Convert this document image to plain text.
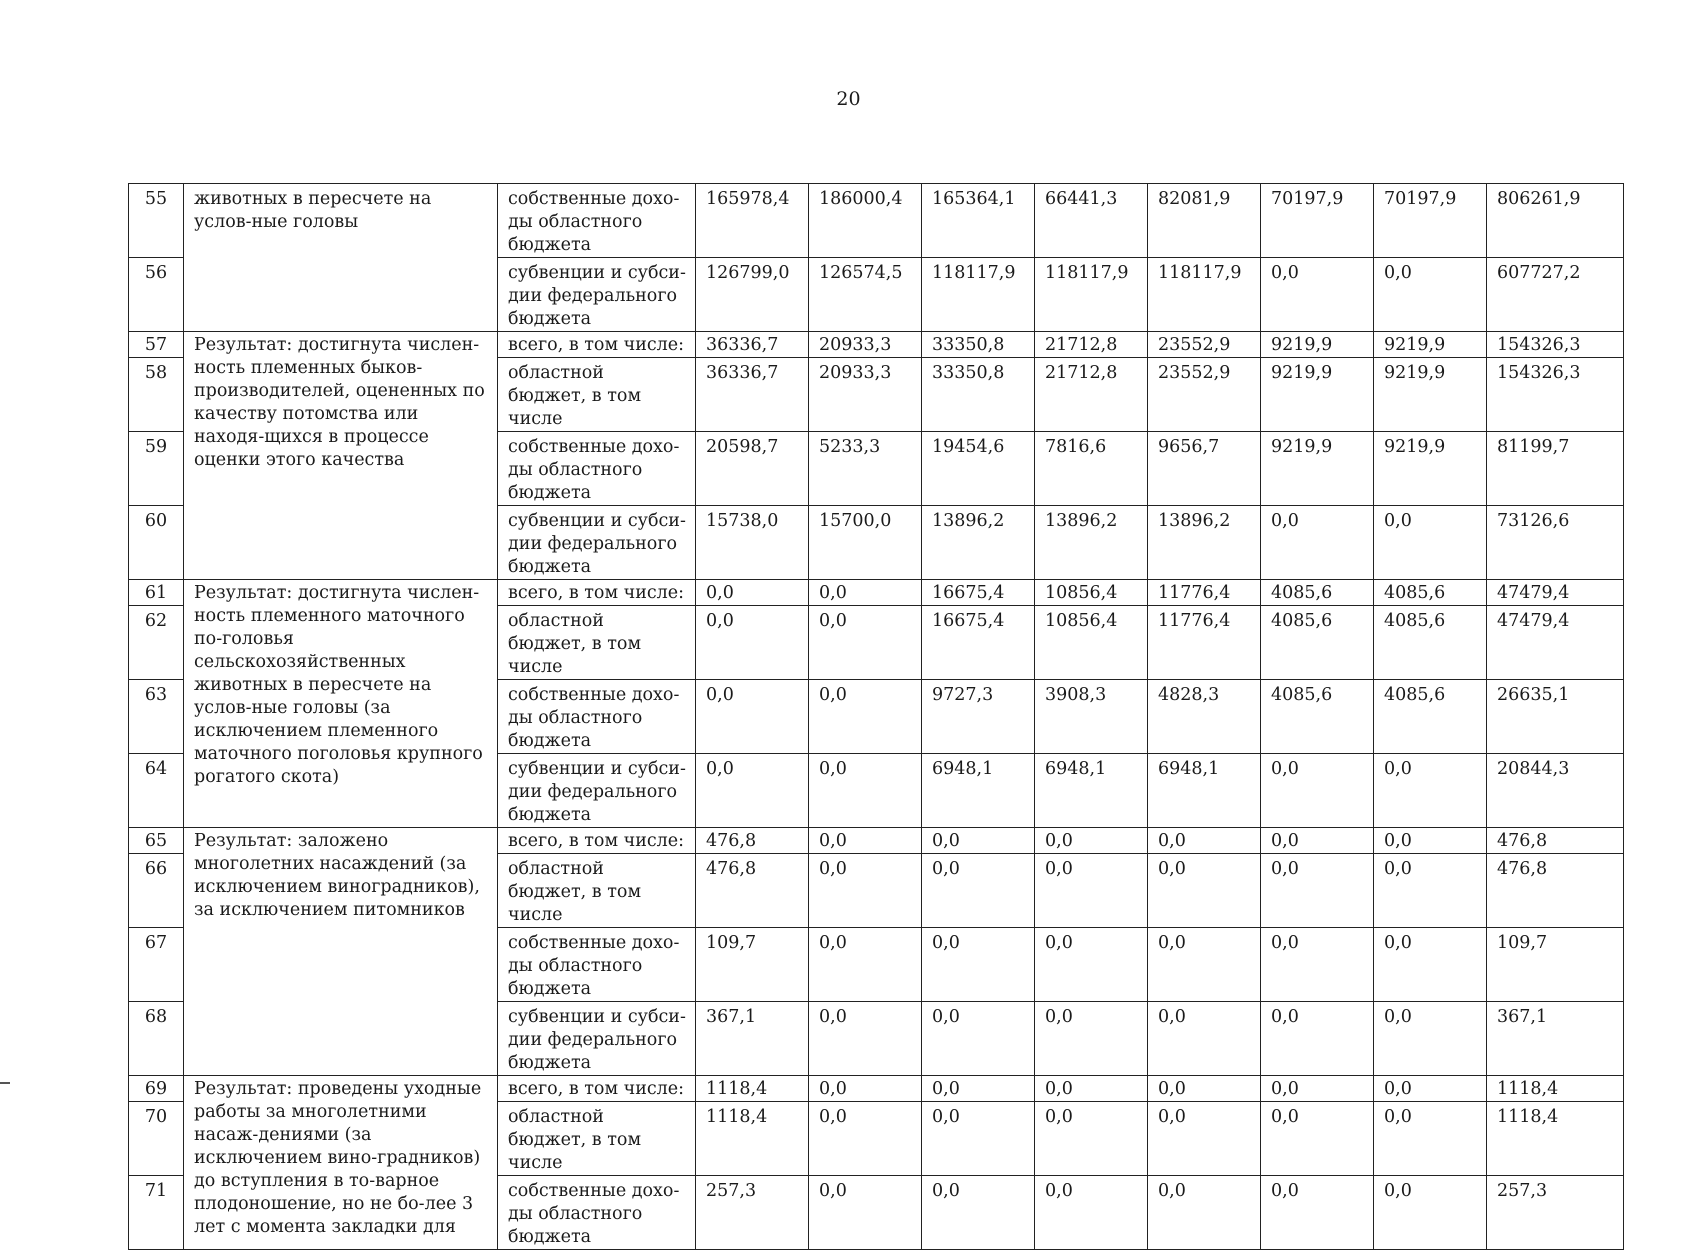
20
55	животных в пересчете на услов-ные головы	собственные дохо-ды областного бюджета	165978,4	186000,4	165364,1	66441,3	82081,9	70197,9	70197,9	806261,9
56		субвенции и субси-дии федерального бюджета	126799,0	126574,5	118117,9	118117,9	118117,9	0,0	0,0	607727,2
57	Результат: достигнута числен-ность племенных быков-производителей, оцененных по качеству потомства или находя-щихся в процессе оценки этого качества	всего, в том числе:	36336,7	20933,3	33350,8	21712,8	23552,9	9219,9	9219,9	154326,3
58		областной бюджет, в том числе	36336,7	20933,3	33350,8	21712,8	23552,9	9219,9	9219,9	154326,3
59		собственные дохо-ды областного бюджета	20598,7	5233,3	19454,6	7816,6	9656,7	9219,9	9219,9	81199,7
60		субвенции и субси-дии федерального бюджета	15738,0	15700,0	13896,2	13896,2	13896,2	0,0	0,0	73126,6
61	Результат: достигнута числен-ность племенного маточного по-головья сельскохозяйственных животных в пересчете на услов-ные головы (за исключением племенного маточного поголовья крупного рогатого скота)	всего, в том числе:	0,0	0,0	16675,4	10856,4	11776,4	4085,6	4085,6	47479,4
62		областной бюджет, в том числе	0,0	0,0	16675,4	10856,4	11776,4	4085,6	4085,6	47479,4
63		собственные дохо-ды областного бюджета	0,0	0,0	9727,3	3908,3	4828,3	4085,6	4085,6	26635,1
64		субвенции и субси-дии федерального бюджета	0,0	0,0	6948,1	6948,1	6948,1	0,0	0,0	20844,3
65	Результат: заложено многолетних насаждений (за исключением виноградников), за исключением питомников	всего, в том числе:	476,8	0,0	0,0	0,0	0,0	0,0	0,0	476,8
66		областной бюджет, в том числе	476,8	0,0	0,0	0,0	0,0	0,0	0,0	476,8
67		собственные дохо-ды областного бюджета	109,7	0,0	0,0	0,0	0,0	0,0	0,0	109,7
68		субвенции и субси-дии федерального бюджета	367,1	0,0	0,0	0,0	0,0	0,0	0,0	367,1
69	Результат: проведены уходные работы за многолетними насаж-дениями (за исключением вино-градников) до вступления в то-варное плодоношение, но не бо-лее 3 лет с момента закладки для	всего, в том числе:	1118,4	0,0	0,0	0,0	0,0	0,0	0,0	1118,4
70		областной бюджет, в том числе	1118,4	0,0	0,0	0,0	0,0	0,0	0,0	1118,4
71		собственные дохо-ды областного бюджета	257,3	0,0	0,0	0,0	0,0	0,0	0,0	257,3
